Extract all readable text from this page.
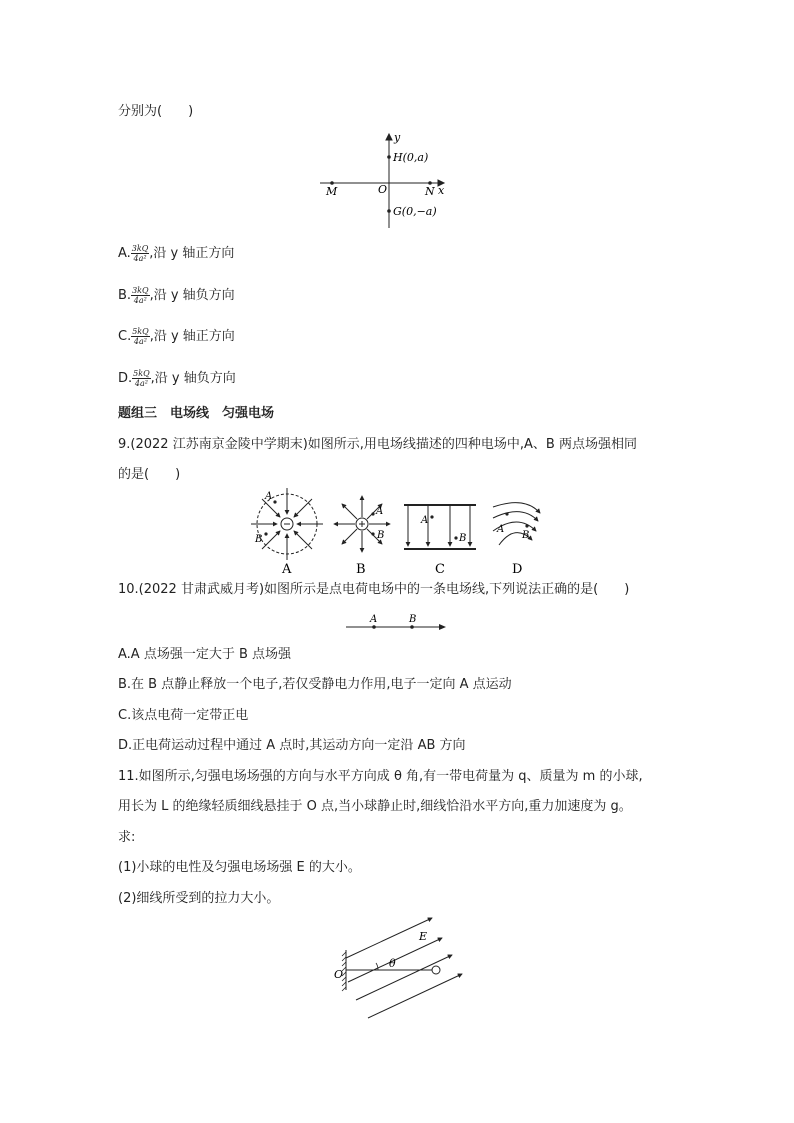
分别为(　　)
y
x
H(0,a)
G(0,−a)
M	O	N
A. $\frac{3kQ}{\text{4a²}}$ ,沿 y 轴正方向
B. $\frac{3kQ}{\text{4a²}}$ ,沿 y 轴负方向
C. $\frac{5kQ}{\text{4a²}}$ ,沿 y 轴正方向
D. $\frac{5kQ}{\text{4a²}}$ ,沿 y 轴负方向
题组三　电场线　匀强电场
9.(2022 江苏南京金陵中学期末)如图所示,用电场线描述的四种电场中,A、B 两点场强相同
的是(　　)
A
B
A
B
A
B
A
B
A	B	C	D
10.(2022 甘肃武威月考)如图所示是点电荷电场中的一条电场线,下列说法正确的是(　　)
A	B
A.A 点场强一定大于 B 点场强
B.在 B 点静止释放一个电子,若仅受静电力作用,电子一定向 A 点运动
C.该点电荷一定带正电
D.正电荷运动过程中通过 A 点时,其运动方向一定沿 AB 方向
11.如图所示,匀强电场场强的方向与水平方向成 θ 角,有一带电荷量为 q、质量为 m 的小球,
用长为 L 的绝缘轻质细线悬挂于 O 点,当小球静止时,细线恰沿水平方向,重力加速度为 g。
求:
(1)小球的电性及匀强电场场强 E 的大小。
(2)细线所受到的拉力大小。
θ
E
O
